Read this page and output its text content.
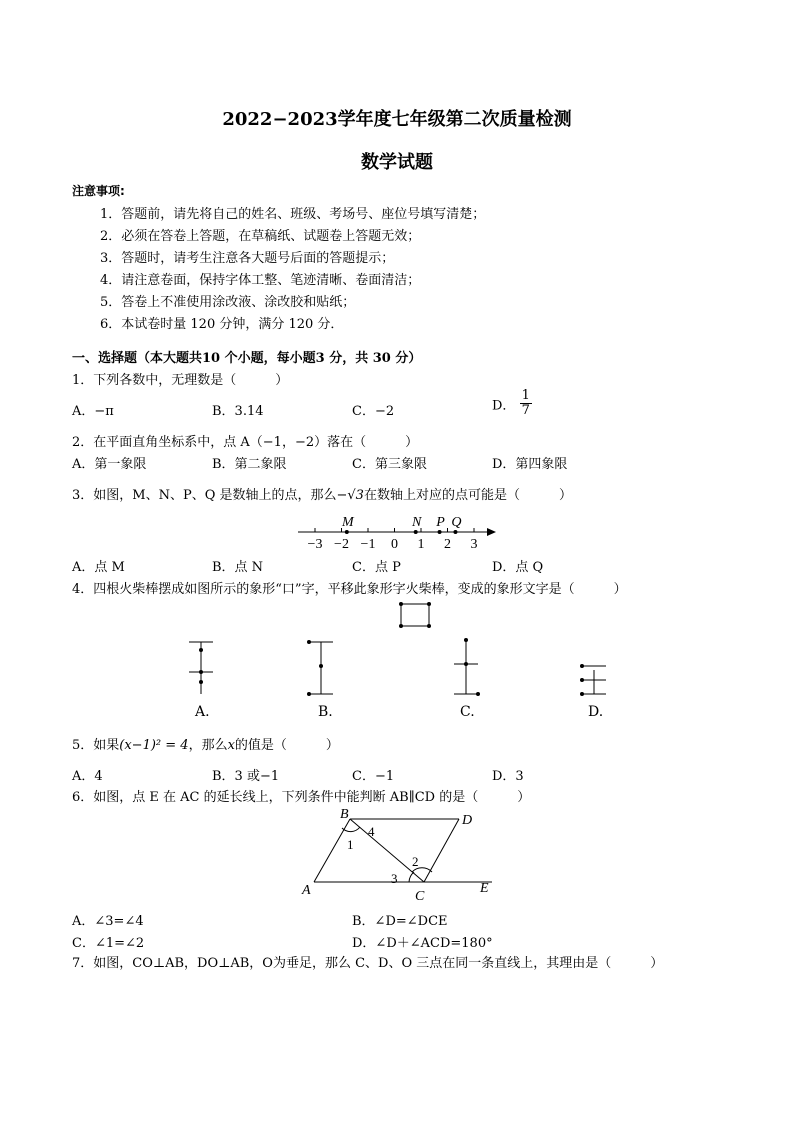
2022−2023学年度七年级第二次质量检测
数学试题
注意事项:
1．答题前，请先将自己的姓名、班级、考场号、座位号填写清楚；
2．必须在答卷上答题，在草稿纸、试题卷上答题无效；
3．答题时，请考生注意各大题号后面的答题提示；
4．请注意卷面，保持字体工整、笔迹清晰、卷面清洁；
5．答卷上不准使用涂改液、涂改胶和贴纸；
6．本试卷时量 120 分钟，满分 120 分．
一、选择题（本大题共10 个小题，每小题3 分，共 30 分）
1．下列各数中，无理数是（　　　）
A．−π	B．3.14	C．−2	D． $\frac{1}{7}$
2．在平面直角坐标系中，点 A（−1，−2）落在（　　　）
A．第一象限	B．第二象限	C．第三象限	D．第四象限
3．如图，M、N、P、Q 是数轴上的点，那么−√3在数轴上对应的点可能是（　　　）
−3 −2 −1 0 1 2 3
M	N P Q
A．点 M	B．点 N	C．点 P	D．点 Q
4．四根火柴棒摆成如图所示的象形“口”字，平移此象形字火柴棒，变成的象形文字是（　　　）
A.	B.	C.	D.
5．如果(x−1)² = 4，那么x的值是（　　　）
A．4	B．3 或−1	C．−1	D．3
6．如图，点 E 在 AC 的延长线上，下列条件中能判断 AB∥CD 的是（　　　）
A
B
C
D
E
1
2
3
4
A．∠3=∠4	B．∠D=∠DCE
C．∠1=∠2	D．∠D＋∠ACD=180°
7．如图，CO⊥AB，DO⊥AB，O为垂足，那么 C、D、O 三点在同一条直线上，其理由是（　　　）
